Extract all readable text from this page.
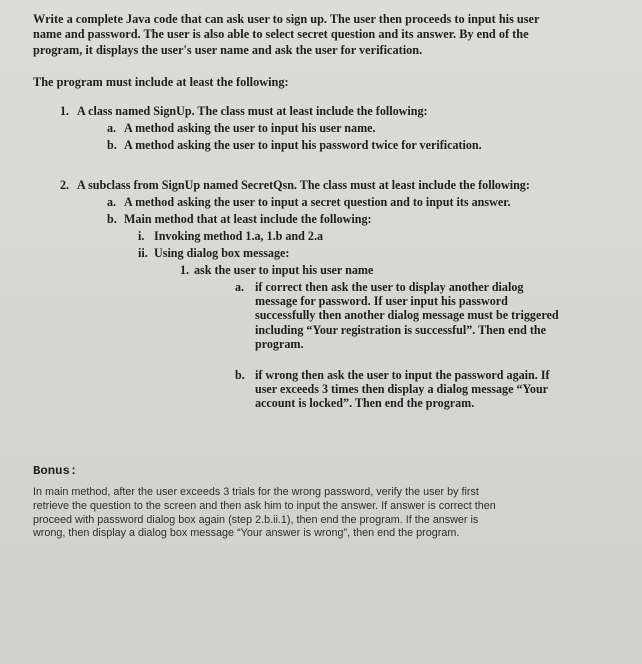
Write a complete Java code that can ask user to sign up. The user then proceeds to input his user

name and password. The user is also able to select secret question and its answer. By end of the

program, it displays the user's user name and ask the user for verification.

The program must include at least the following:
1. A class named SignUp. The class must at least include the following:
a. A method asking the user to input his user name.
b. A method asking the user to input his password twice for verification.
2. A subclass from SignUp named SecretQsn. The class must at least include the following:
a. A method asking the user to input a secret question and to input its answer.
b. Main method that at least include the following:
i. Invoking method 1.a, 1.b and 2.a
ii. Using dialog box message:
1. ask the user to input his user name
a. if correct then ask the user to display another dialog
message for password. If user input his password
successfully then another dialog message must be triggered
including “Your registration is successful”. Then end the
program.
b. if wrong then ask the user to input the password again. If
user exceeds 3 times then display a dialog message “Your
account is locked”. Then end the program.
Bonus:

In main method, after the user exceeds 3 trials for the wrong password, verify the user by first

retrieve the question to the screen and then ask him to input the answer. If answer is correct then

proceed with password dialog box again (step 2.b.ii.1), then end the program. If the answer is

wrong, then display a dialog box message “Your answer is wrong”, then end the program.
